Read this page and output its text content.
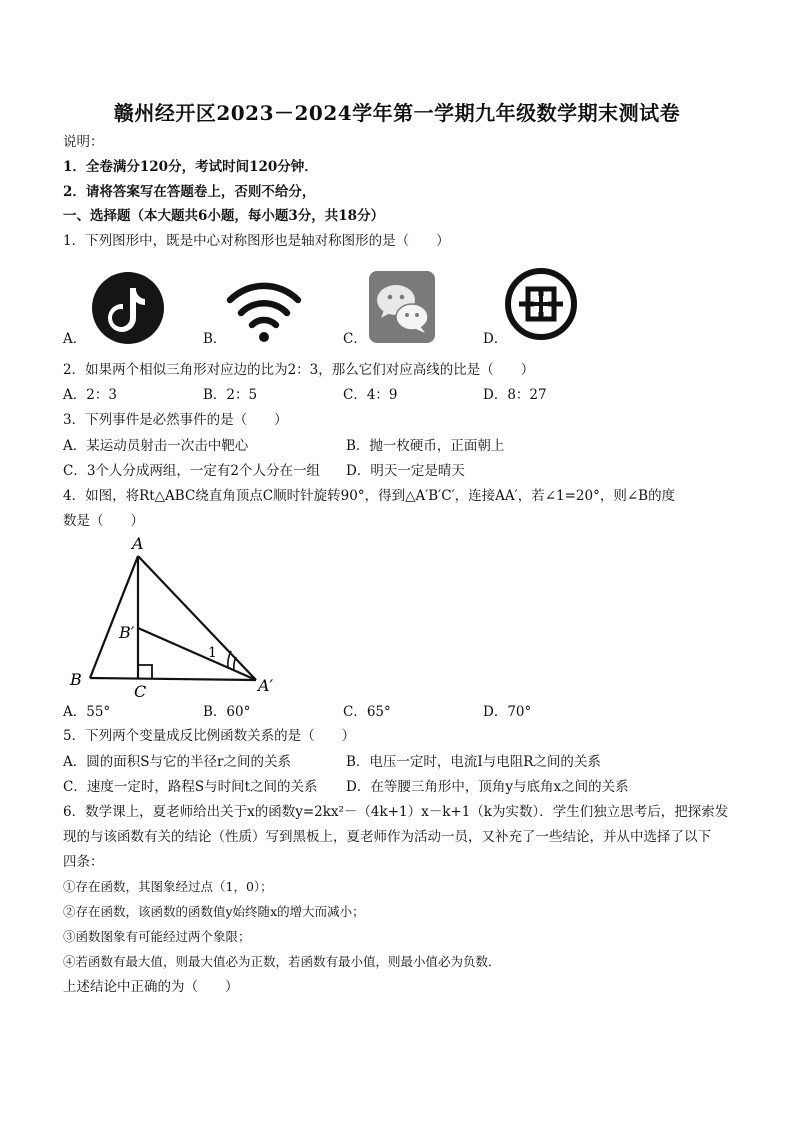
赣州经开区2023－2024学年第一学期九年级数学期末测试卷
说明：
1．全卷满分120分，考试时间120分钟．
2．请将答案写在答题卷上，否则不给分，
一、选择题（本大题共6小题，每小题3分，共18分）
1．下列图形中，既是中心对称图形也是轴对称图形的是（　　）
A．	B．	C．	D．
2．如果两个相似三角形对应边的比为2：3，那么它们对应高线的比是（　　）
A．2：3	B．2：5	C．4：9	D．8：27
3．下列事件是必然事件的是（　　）
A．某运动员射击一次击中靶心	B．抛一枚硬币，正面朝上
C．3个人分成两组，一定有2个人分在一组 D．明天一定是晴天
4．如图，将Rt△ABC绕直角顶点C顺时针旋转90°，得到△A′B′C′，连接AA′，若∠1=20°，则∠B的度
数是（　　）
A
B
C
B′
A′
1
A．55°	B．60°	C．65°	D．70°
5．下列两个变量成反比例函数关系的是（　　）
A．圆的面积S与它的半径r之间的关系	B．电压一定时，电流I与电阻R之间的关系
C．速度一定时，路程S与时间t之间的关系 D．在等腰三角形中，顶角y与底角x之间的关系
6．数学课上，夏老师给出关于x的函数y=2kx²－（4k+1）x－k+1（k为实数）．学生们独立思考后，把探索发
现的与该函数有关的结论（性质）写到黑板上，夏老师作为活动一员，又补充了一些结论，并从中选择了以下
四条：
①存在函数，其图象经过点（1，0）；
②存在函数，该函数的函数值y始终随x的增大而减小；
③函数图象有可能经过两个象限；
④若函数有最大值，则最大值必为正数，若函数有最小值，则最小值必为负数．
上述结论中正确的为（　　）
